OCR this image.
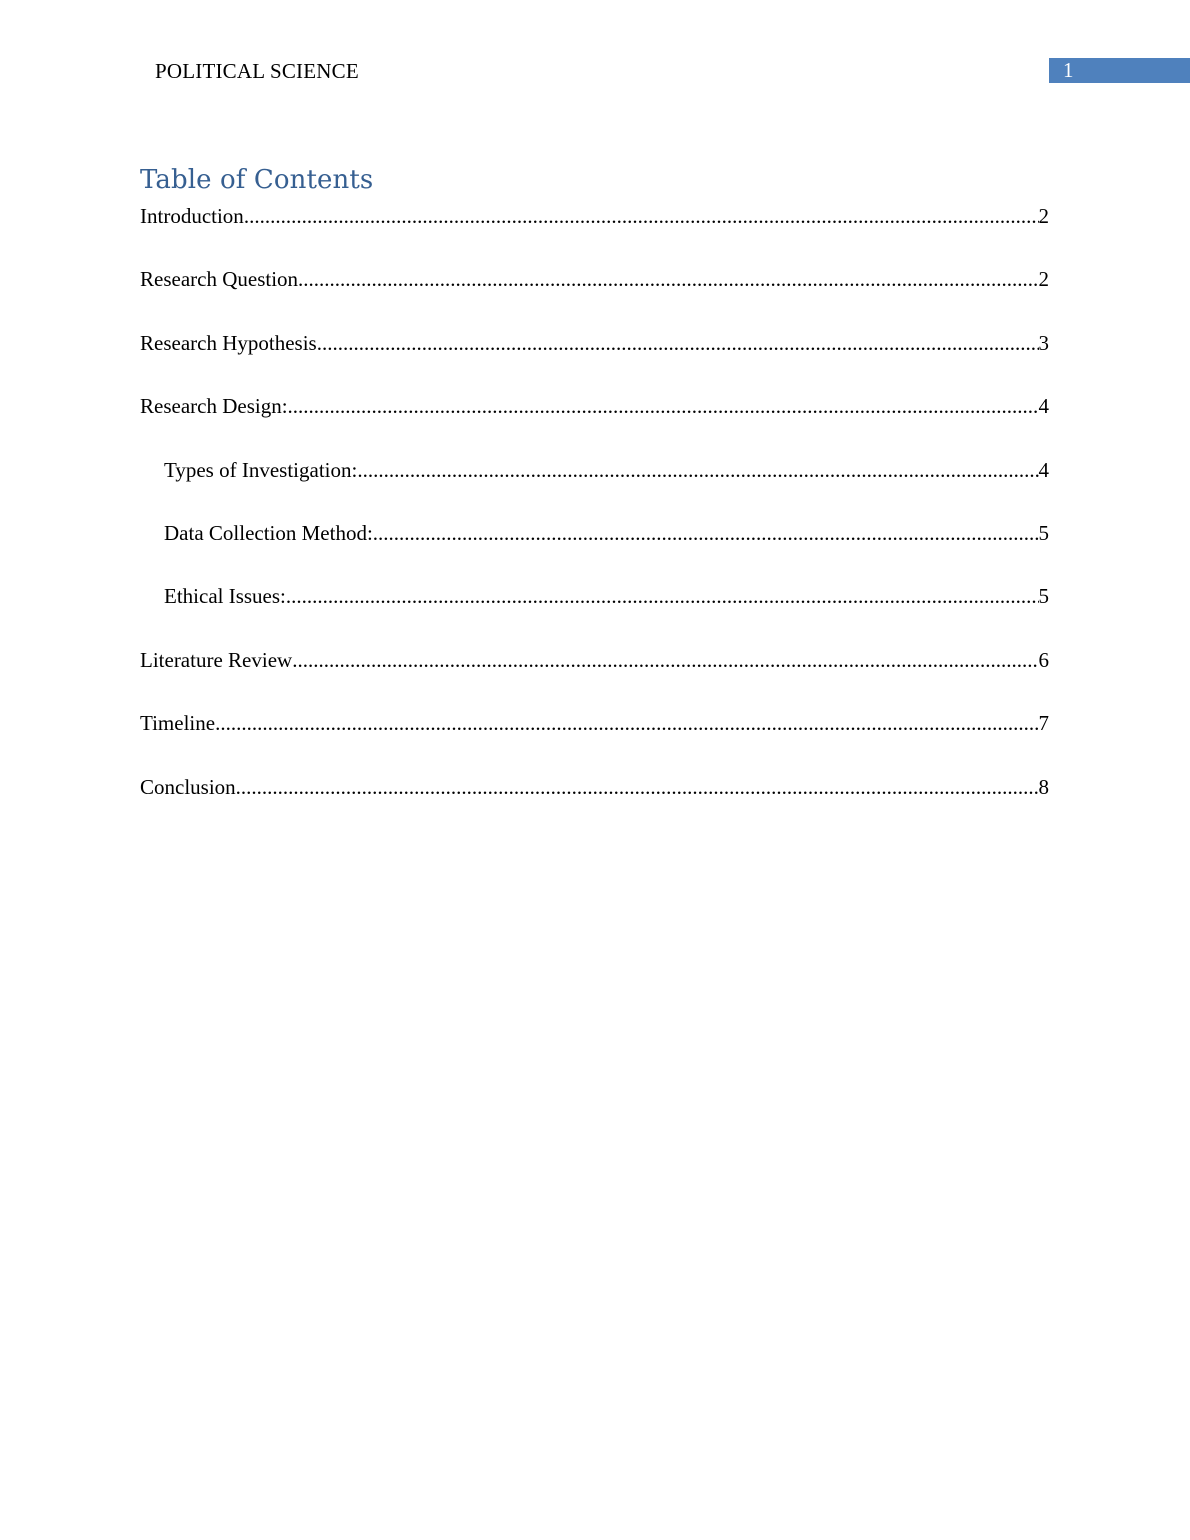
POLITICAL SCIENCE	1
Table of Contents
Introduction .....	2
Research Question .....	2
Research Hypothesis .....	3
Research Design: .....	4
Types of Investigation: .....	4
Data Collection Method: .....	5
Ethical Issues: .....	5
Literature Review .....	6
Timeline .....	7
Conclusion .....	8
